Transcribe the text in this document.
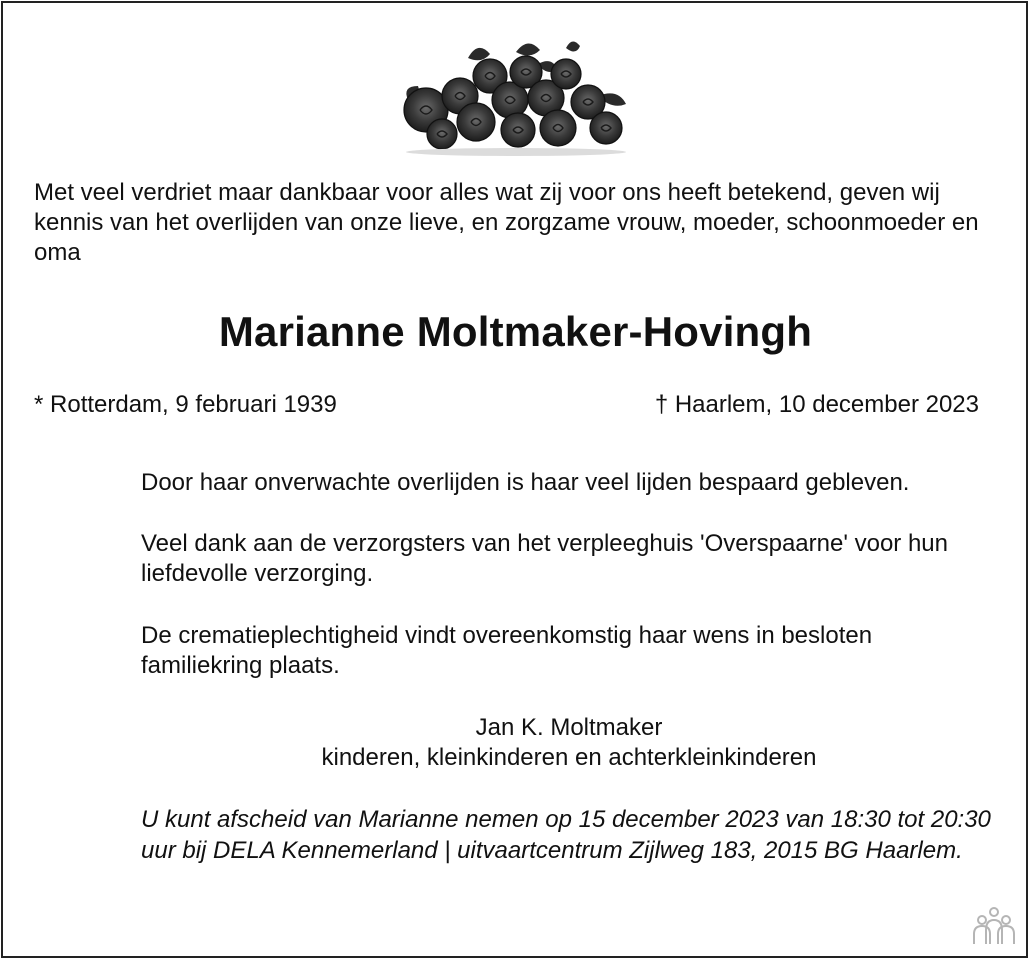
Met veel verdriet maar dankbaar voor alles wat zij voor ons heeft betekend, geven wij kennis van het overlijden van onze lieve, en zorgzame vrouw, moeder, schoonmoeder en oma
Marianne Moltmaker-Hovingh
* Rotterdam, 9 februari 1939	† Haarlem, 10 december 2023
Door haar onverwachte overlijden is haar veel lijden bespaard gebleven.
Veel dank aan de verzorgsters van het verpleeghuis 'Overspaarne' voor hun liefdevolle verzorging.
De crematieplechtigheid vindt overeenkomstig haar wens in besloten familiekring plaats.
Jan K. Moltmaker
kinderen, kleinkinderen en achterkleinkinderen
U kunt afscheid van Marianne nemen op 15 december 2023 van 18:30 tot 20:30 uur bij DELA Kennemerland | uitvaartcentrum Zijlweg 183, 2015 BG Haarlem.
